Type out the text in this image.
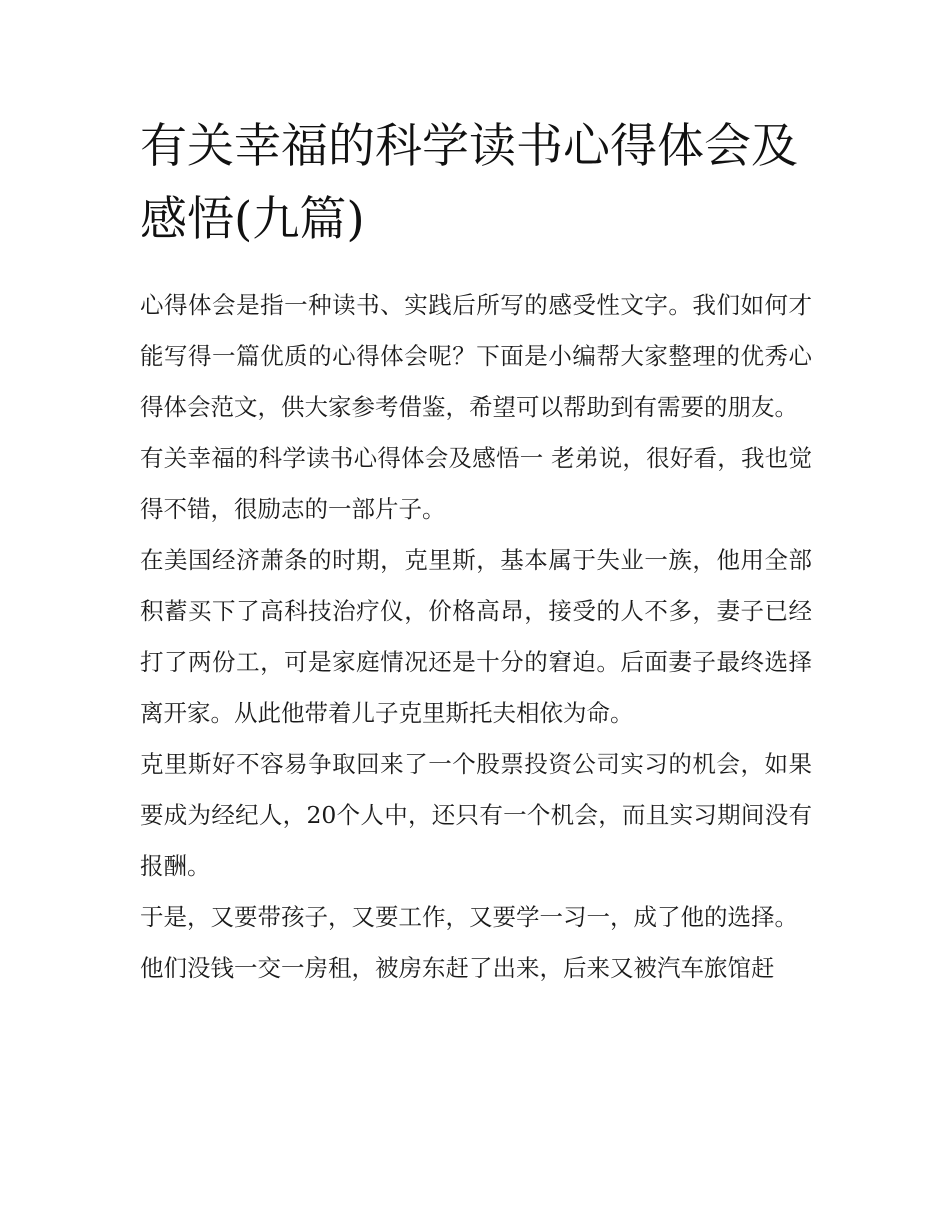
有关幸福的科学读书心得体会及感悟(九篇)

心得体会是指一种读书、实践后所写的感受性文字。我们如何才能写得一篇优质的心得体会呢？下面是小编帮大家整理的优秀心得体会范文，供大家参考借鉴，希望可以帮助到有需要的朋友。

有关幸福的科学读书心得体会及感悟一 老弟说，很好看，我也觉得不错，很励志的一部片子。

在美国经济萧条的时期，克里斯，基本属于失业一族，他用全部积蓄买下了高科技治疗仪，价格高昂，接受的人不多，妻子已经打了两份工，可是家庭情况还是十分的窘迫。后面妻子最终选择离开家。从此他带着儿子克里斯托夫相依为命。

克里斯好不容易争取回来了一个股票投资公司实习的机会，如果要成为经纪人，20个人中，还只有一个机会，而且实习期间没有报酬。

于是，又要带孩子，又要工作，又要学一习一，成了他的选择。

他们没钱一交一房租，被房东赶了出来，后来又被汽车旅馆赶
